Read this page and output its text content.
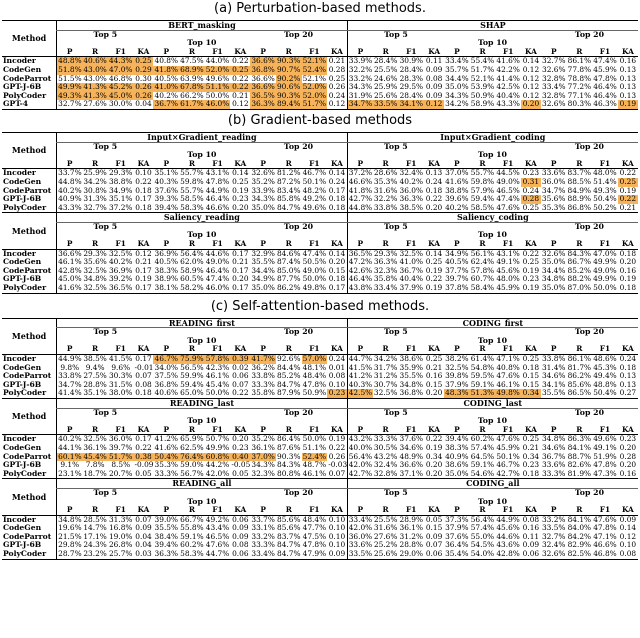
(a) Perturbation-based methods.
Method	BERT_masking												SHAP											
	Top 5								Top 20				Top 5								Top 20			
					Top 10												Top 10							
	P	R	F1	KA	P	R	F1	KA	P	R	F1	KA	P	R	F1	KA	P	R	F1	KA	P	R	F1	KA
Incoder	48.8%	40.6%	44.3%	0.25	40.8%	47.5%	44.0%	0.22	36.6%	90.3%	52.1%	0.21	33.9%	28.4%	30.9%	0.11	33.4%	55.4%	41.6%	0.14	32.7%	86.1%	47.4%	0.16
CodeGen	51.8%	43.0%	47.0%	0.29	41.8%	68.9%	52.0%	0.25	36.8%	90.7%	52.4%	0.28	32.2%	25.5%	28.4%	0.09	35.7%	51.7%	42.2%	0.12	32.6%	77.8%	45.9%	0.13
CodeParrot	51.5%	43.0%	46.8%	0.30	40.5%	63.9%	49.6%	0.22	36.6%	90.2%	52.1%	0.25	33.2%	24.6%	28.3%	0.08	34.4%	52.1%	41.4%	0.12	32.8%	78.8%	47.8%	0.13
GPT-J-6B	49.9%	41.3%	45.2%	0.26	41.0%	67.8%	51.1%	0.22	36.6%	90.6%	52.0%	0.26	34.3%	25.9%	29.5%	0.09	35.0%	53.9%	42.5%	0.12	33.4%	77.2%	46.4%	0.13
PolyCoder	49.3%	41.3%	45.0%	0.26	40.2%	66.2%	50.0%	0.21	36.5%	90.3%	52.0%	0.24	31.9%	25.6%	28.4%	0.09	34.3%	50.9%	40.4%	0.12	32.8%	77.1%	46.4%	0.13
GPT-4	32.7%	27.6%	30.0%	0.04	36.7%	61.7%	46.0%	0.12	36.3%	89.4%	51.7%	0.12	34.7%	33.5%	34.1%	0.12	34.2%	58.9%	43.3%	0.20	32.6%	80.3%	46.3%	0.19
(b) Gradient-based methods
Method	Input×Gradient_reading												Input×Gradient_coding											
	Top 5								Top 20				Top 5								Top 20			
					Top 10												Top 10							
	P	R	F1	KA	P	R	F1	KA	P	R	F1	KA	P	R	F1	KA	P	R	F1	KA	P	R	F1	KA
Incoder	33.7%	25.9%	29.3%	0.10	35.1%	55.7%	43.1%	0.14	32.6%	81.2%	46.7%	0.14	37.2%	28.6%	32.4%	0.13	37.0%	55.7%	44.5%	0.23	33.6%	83.7%	48.0%	0.22
CodeGen	44.8%	34.2%	38.8%	0.22	40.3%	59.8%	47.8%	0.25	35.2%	87.2%	50.1%	0.24	46.6%	35.3%	40.2%	0.24	41.6%	59.8%	49.0%	0.31	36.0%	88.5%	51.4%	0.25
CodeParrot	40.2%	30.8%	34.9%	0.18	37.6%	55.7%	44.9%	0.19	33.9%	83.4%	48.2%	0.17	41.8%	31.6%	36.0%	0.18	38.8%	57.9%	46.5%	0.24	34.7%	84.9%	49.3%	0.19
GPT-J-6B	40.9%	31.3%	35.1%	0.17	39.3%	58.5%	46.4%	0.23	34.3%	85.8%	49.2%	0.18	42.7%	32.2%	36.3%	0.22	39.6%	59.4%	47.4%	0.28	35.6%	88.9%	50.4%	0.22
PolyCoder	43.3%	32.7%	37.2%	0.18	39.4%	58.3%	46.6%	0.20	35.0%	84.7%	49.6%	0.18	44.8%	33.8%	38.5%	0.20	40.2%	58.5%	47.6%	0.25	35.3%	86.8%	50.2%	0.21
Method	Saliency_reading												Saliency_coding											
	Top 5								Top 20				Top 5								Top 20			
					Top 10												Top 10							
	P	R	F1	KA	P	R	F1	KA	P	R	F1	KA	P	R	F1	KA	P	R	F1	KA	P	R	F1	KA
Incoder	36.6%	29.3%	32.5%	0.12	36.9%	56.4%	44.6%	0.17	32.9%	84.6%	47.4%	0.14	36.5%	29.3%	32.5%	0.14	34.9%	56.1%	43.1%	0.22	32.6%	84.3%	47.0%	0.18
CodeGen	46.1%	35.6%	40.2%	0.21	40.5%	62.0%	49.0%	0.21	35.5%	87.4%	50.5%	0.20	47.2%	36.3%	41.0%	0.25	40.5%	62.4%	49.1%	0.25	35.0%	86.7%	49.9%	0.20
CodeParrot	42.8%	32.5%	36.9%	0.17	38.3%	58.9%	46.4%	0.17	34.4%	85.0%	49.0%	0.15	42.6%	32.3%	36.7%	0.19	37.7%	57.8%	45.6%	0.19	34.4%	85.2%	49.0%	0.16
GPT-J-6B	45.0%	34.8%	39.2%	0.19	38.9%	60.5%	47.4%	0.20	34.9%	87.7%	50.0%	0.18	46.4%	35.8%	40.4%	0.22	39.7%	60.7%	48.0%	0.23	34.8%	88.2%	49.9%	0.19
PolyCoder	41.6%	32.5%	36.5%	0.17	38.1%	58.2%	46.0%	0.17	35.0%	86.2%	49.8%	0.17	43.8%	33.4%	37.9%	0.19	37.8%	58.4%	45.9%	0.19	35.0%	87.0%	50.0%	0.18
(c) Self-attention-based methods.
Method	READING_first												CODING_first											
	Top 5								Top 20				Top 5								Top 20			
					Top 10												Top 10							
	P	R	F1	KA	P	R	F1	KA	P	R	F1	KA	P	R	F1	KA	P	R	F1	KA	P	R	F1	KA
Incoder	44.9%	38.5%	41.5%	0.17	46.7%	75.9%	57.8%	0.39	41.7%	92.6%	57.0%	0.24	44.7%	34.2%	38.6%	0.25	38.2%	61.4%	47.1%	0.25	33.8%	86.1%	48.6%	0.24
CodeGen	9.8%	9.4%	9.6%	-0.01	34.0%	56.5%	42.3%	0.02	36.2%	84.4%	48.1%	0.01	41.5%	31.7%	35.9%	0.21	32.5%	54.8%	40.8%	0.18	31.4%	81.7%	45.3%	0.18
CodeParrot	33.8%	27.5%	30.3%	0.07	37.5%	59.9%	46.1%	0.06	33.8%	85.2%	48.4%	0.08	41.2%	31.2%	35.5%	0.16	39.8%	59.5%	47.6%	0.15	34.6%	86.2%	49.4%	0.13
GPT-J-6B	34.7%	28.8%	31.5%	0.08	36.8%	59.4%	45.4%	0.07	33.3%	84.7%	47.8%	0.10	40.3%	30.7%	34.8%	0.15	37.9%	59.1%	46.1%	0.15	34.1%	85.6%	48.8%	0.13
PolyCoder	41.4%	35.1%	38.0%	0.18	40.6%	65.0%	50.0%	0.22	35.8%	87.9%	50.9%	0.23	42.5%	32.5%	36.8%	0.20	48.3%	51.3%	49.8%	0.34	35.5%	86.5%	50.4%	0.27
Method	READING_last												CODING_last											
	Top 5								Top 20				Top 5								Top 20			
					Top 10												Top 10							
	P	R	F1	KA	P	R	F1	KA	P	R	F1	KA	P	R	F1	KA	P	R	F1	KA	P	R	F1	KA
Incoder	40.2%	32.5%	36.0%	0.17	41.2%	65.9%	50.7%	0.20	35.2%	86.4%	50.0%	0.19	43.2%	33.3%	37.6%	0.22	39.4%	60.2%	47.6%	0.25	34.8%	86.3%	49.6%	0.23
CodeGen	44.1%	36.1%	39.7%	0.22	41.6%	62.5%	49.9%	0.23	36.1%	87.6%	51.1%	0.22	40.0%	30.5%	34.6%	0.19	38.3%	57.4%	45.9%	0.21	34.6%	84.1%	49.1%	0.20
CodeParrot	60.1%	45.4%	51.7%	0.38	50.4%	76.4%	60.8%	0.40	37.0%	90.3%	52.4%	0.26	56.4%	43.2%	48.9%	0.34	40.9%	64.5%	50.1%	0.34	36.7%	88.7%	51.9%	0.28
GPT-J-6B	9.1%	7.8%	8.5%	-0.09	35.3%	59.0%	44.2%	-0.05	34.3%	84.3%	48.7%	-0.03	42.0%	32.4%	36.6%	0.20	38.6%	59.1%	46.7%	0.23	33.6%	82.6%	47.8%	0.20
PolyCoder	23.1%	18.7%	20.7%	0.05	33.3%	56.7%	42.0%	0.05	32.3%	80.8%	46.1%	0.07	42.7%	32.8%	37.1%	0.20	35.0%	54.6%	42.7%	0.18	33.3%	81.9%	47.3%	0.16
Method	READING_all												CODING_all											
	Top 5								Top 20				Top 5								Top 20			
					Top 10												Top 10							
	P	R	F1	KA	P	R	F1	KA	P	R	F1	KA	P	R	F1	KA	P	R	F1	KA	P	R	F1	KA
Incoder	34.8%	28.5%	31.3%	0.07	39.0%	66.7%	49.2%	0.06	33.7%	85.6%	48.4%	0.10	33.4%	25.5%	28.9%	0.05	37.3%	56.4%	44.9%	0.08	33.2%	84.1%	47.6%	0.09
CodeGen	19.6%	14.7%	16.8%	0.09	35.5%	55.8%	43.4%	0.09	33.1%	85.6%	47.7%	0.10	42.0%	31.6%	36.1%	0.15	37.9%	57.4%	45.6%	0.16	33.5%	84.0%	47.8%	0.14
CodeParrot	21.5%	17.1%	19.0%	0.04	38.4%	59.1%	46.5%	0.09	33.2%	83.7%	47.5%	0.10	36.0%	27.6%	31.2%	0.09	37.6%	55.0%	44.6%	0.11	32.7%	84.2%	47.1%	0.12
GPT-J-6B	29.8%	24.3%	26.8%	0.04	39.4%	60.2%	47.6%	0.08	33.3%	84.7%	47.8%	0.10	33.6%	25.2%	28.8%	0.07	36.4%	54.5%	43.6%	0.09	32.4%	82.9%	46.6%	0.10
PolyCoder	28.7%	23.2%	25.7%	0.03	36.3%	58.3%	44.7%	0.06	33.4%	84.7%	47.9%	0.09	33.5%	25.6%	29.0%	0.06	35.4%	54.0%	42.8%	0.06	32.6%	82.5%	46.8%	0.08
